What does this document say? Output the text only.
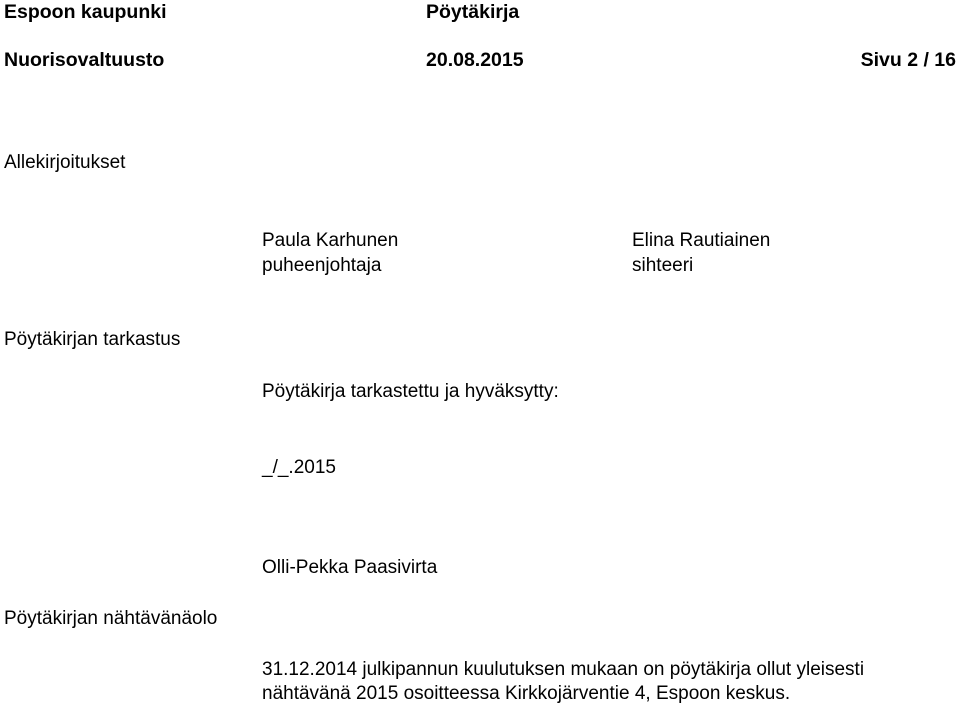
Espoon kaupunki	Pöytäkirja
Nuorisovaltuusto	20.08.2015	Sivu 2 / 16
Allekirjoitukset
Paula Karhunen
puheenjohtaja
Elina Rautiainen
sihteeri
Pöytäkirjan tarkastus
Pöytäkirja tarkastettu ja hyväksytty:
_/_.2015
Olli-Pekka Paasivirta
Pöytäkirjan nähtävänäolo
31.12.2014 julkipannun kuulutuksen mukaan on pöytäkirja ollut yleisesti
nähtävänä 2015 osoitteessa Kirkkojärventie 4, Espoon keskus.
